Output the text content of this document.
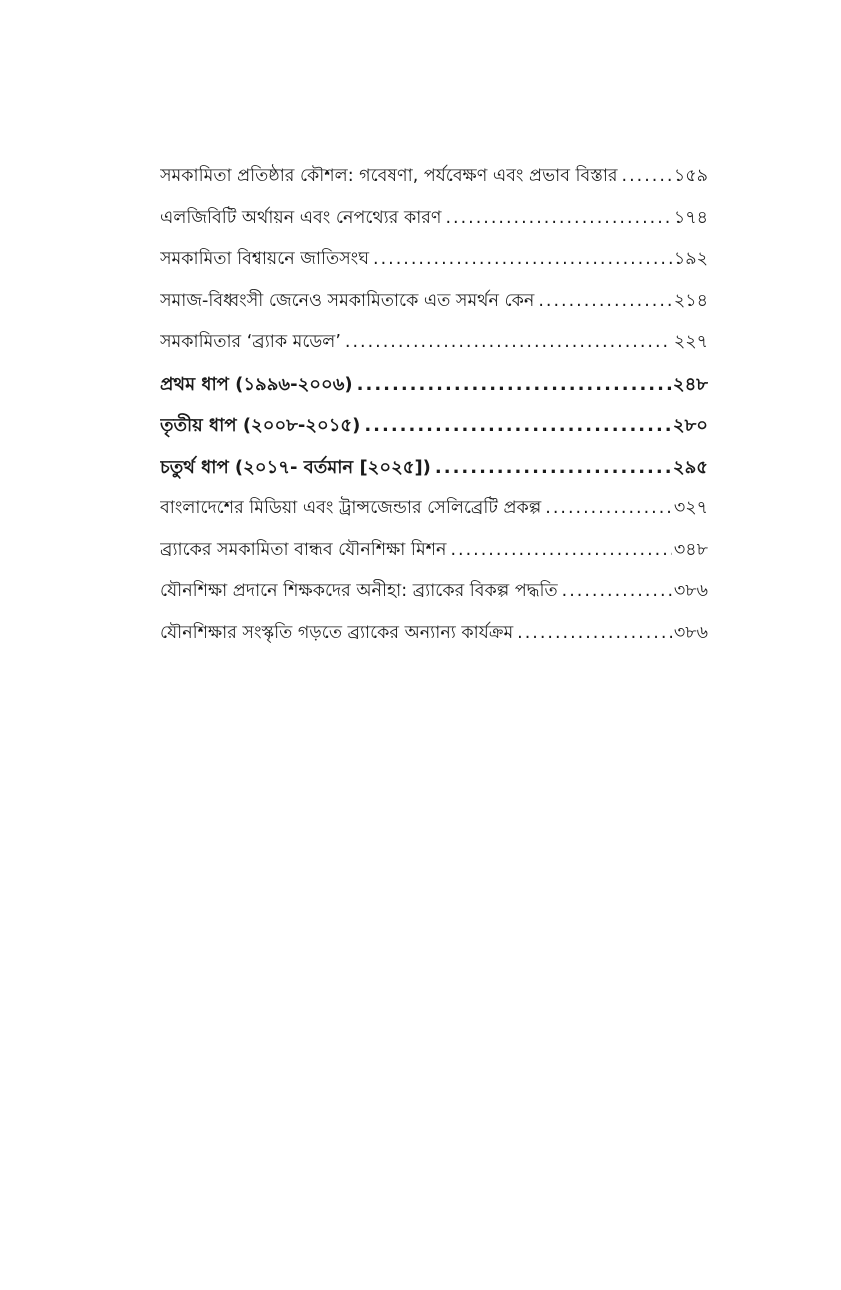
সমকামিতা প্রতিষ্ঠার কৌশল: গবেষণা, পর্যবেক্ষণ এবং প্রভাব বিস্তার .....	১৫৯
এলজিবিটি অর্থায়ন এবং নেপথ্যের কারণ .....	১৭৪
সমকামিতা বিশ্বায়নে জাতিসংঘ .....	১৯২
সমাজ-বিধ্বংসী জেনেও সমকামিতাকে এত সমর্থন কেন .....	২১৪
সমকামিতার ‘ব্র্যাক মডেল’ .....	২২৭
প্রথম ধাপ (১৯৯৬-২০০৬) .....	২৪৮
তৃতীয় ধাপ (২০০৮-২০১৫) .....	২৮০
চতুর্থ ধাপ (২০১৭- বর্তমান [২০২৫]) .....	২৯৫
বাংলাদেশের মিডিয়া এবং ট্রান্সজেন্ডার সেলিব্রেটি প্রকল্প .....	৩২৭
ব্র্যাকের সমকামিতা বান্ধব যৌনশিক্ষা মিশন .....	৩৪৮
যৌনশিক্ষা প্রদানে শিক্ষকদের অনীহা: ব্র্যাকের বিকল্প পদ্ধতি .....	৩৮৬
যৌনশিক্ষার সংস্কৃতি গড়তে ব্র্যাকের অন্যান্য কার্যক্রম .....	৩৮৬
